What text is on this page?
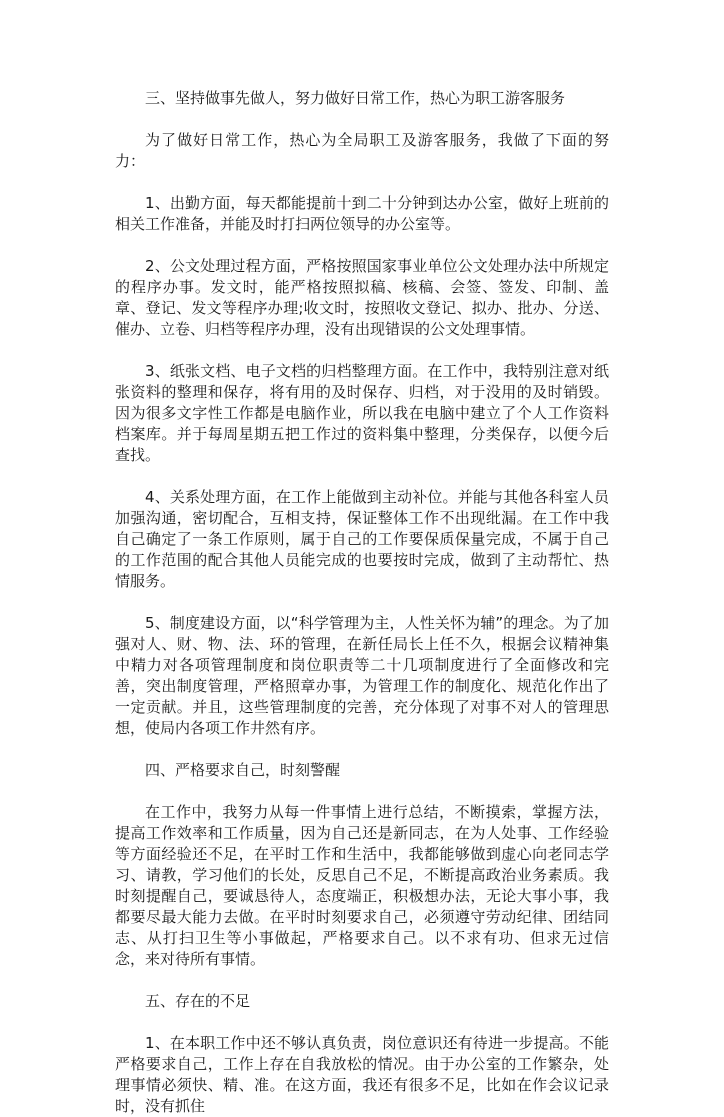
三、坚持做事先做人，努力做好日常工作，热心为职工游客服务

为了做好日常工作，热心为全局职工及游客服务，我做了下面的努力：

1、出勤方面，每天都能提前十到二十分钟到达办公室，做好上班前的相关工作准备，并能及时打扫两位领导的办公室等。

2、公文处理过程方面，严格按照国家事业单位公文处理办法中所规定的程序办事。发文时，能严格按照拟稿、核稿、会签、签发、印制、盖章、登记、发文等程序办理;收文时，按照收文登记、拟办、批办、分送、催办、立卷、归档等程序办理，没有出现错误的公文处理事情。

3、纸张文档、电子文档的归档整理方面。在工作中，我特别注意对纸张资料的整理和保存，将有用的及时保存、归档，对于没用的及时销毁。因为很多文字性工作都是电脑作业，所以我在电脑中建立了个人工作资料档案库。并于每周星期五把工作过的资料集中整理，分类保存，以便今后查找。

4、关系处理方面，在工作上能做到主动补位。并能与其他各科室人员加强沟通，密切配合，互相支持，保证整体工作不出现纰漏。在工作中我自己确定了一条工作原则，属于自己的工作要保质保量完成，不属于自己的工作范围的配合其他人员能完成的也要按时完成，做到了主动帮忙、热情服务。

5、制度建设方面，以“科学管理为主，人性关怀为辅”的理念。为了加强对人、财、物、法、环的管理，在新任局长上任不久，根据会议精神集中精力对各项管理制度和岗位职责等二十几项制度进行了全面修改和完善，突出制度管理，严格照章办事，为管理工作的制度化、规范化作出了一定贡献。并且，这些管理制度的完善，充分体现了对事不对人的管理思想，使局内各项工作井然有序。

四、严格要求自己，时刻警醒

在工作中，我努力从每一件事情上进行总结，不断摸索，掌握方法，提高工作效率和工作质量，因为自己还是新同志，在为人处事、工作经验等方面经验还不足，在平时工作和生活中，我都能够做到虚心向老同志学习、请教，学习他们的长处，反思自己不足，不断提高政治业务素质。我时刻提醒自己，要诚恳待人，态度端正，积极想办法，无论大事小事，我都要尽最大能力去做。在平时时刻要求自己，必须遵守劳动纪律、团结同志、从打扫卫生等小事做起，严格要求自己。以不求有功、但求无过信念，来对待所有事情。

五、存在的不足

1、在本职工作中还不够认真负责，岗位意识还有待进一步提高。不能严格要求自己，工作上存在自我放松的情况。由于办公室的工作繁杂，处理事情必须快、精、准。在这方面，我还有很多不足，比如在作会议记录时，没有抓住
